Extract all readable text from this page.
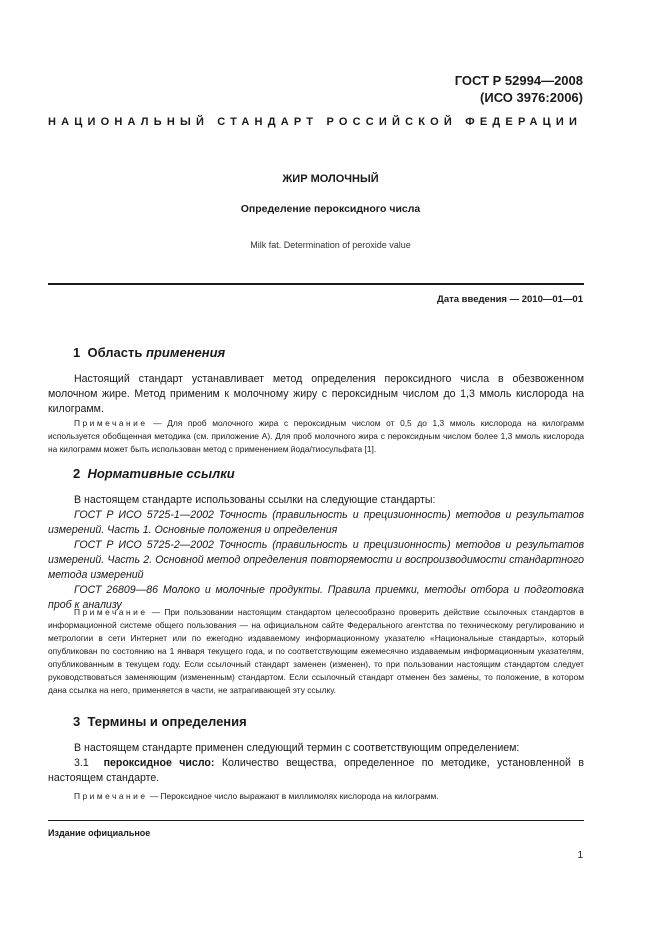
ГОСТ Р 52994—2008
(ИСО 3976:2006)
НАЦИОНАЛЬНЫЙ СТАНДАРТ РОССИЙСКОЙ ФЕДЕРАЦИИ
ЖИР МОЛОЧНЫЙ
Определение пероксидного числа
Milk fat. Determination of peroxide value
Дата введения — 2010—01—01
1 Область применения
Настоящий стандарт устанавливает метод определения пероксидного числа в обезвоженном молочном жире. Метод применим к молочному жиру с пероксидным числом до 1,3 ммоль кислорода на килограмм.
Примечание — Для проб молочного жира с пероксидным числом от 0,5 до 1,3 ммоль кислорода на килограмм используется обобщенная методика (см. приложение А). Для проб молочного жира с пероксидным числом более 1,3 ммоль кислорода на килограмм может быть использован метод с применением йода/тиосульфата [1].
2 Нормативные ссылки
В настоящем стандарте использованы ссылки на следующие стандарты:
ГОСТ Р ИСО 5725-1—2002 Точность (правильность и прецизионность) методов и результатов измерений. Часть 1. Основные положения и определения
ГОСТ Р ИСО 5725-2—2002 Точность (правильность и прецизионность) методов и результатов измерений. Часть 2. Основной метод определения повторяемости и воспроизводимости стандартного метода измерений
ГОСТ 26809—86 Молоко и молочные продукты. Правила приемки, методы отбора и подготовка проб к анализу
Примечание — При пользовании настоящим стандартом целесообразно проверить действие ссылочных стандартов в информационной системе общего пользования — на официальном сайте Федерального агентства по техническому регулированию и метрологии в сети Интернет или по ежегодно издаваемому информационному указателю «Национальные стандарты», который опубликован по состоянию на 1 января текущего года, и по соответствующим ежемесячно издаваемым информационным указателям, опубликованным в текущем году. Если ссылочный стандарт заменен (изменен), то при пользовании настоящим стандартом следует руководствоваться заменяющим (измененным) стандартом. Если ссылочный стандарт отменен без замены, то положение, в котором дана ссылка на него, применяется в части, не затрагивающей эту ссылку.
3 Термины и определения
В настоящем стандарте применен следующий термин с соответствующим определением:
3.1 пероксидное число: Количество вещества, определенное по методике, установленной в настоящем стандарте.
Примечание — Пероксидное число выражают в миллимолях кислорода на килограмм.
Издание официальное
1
